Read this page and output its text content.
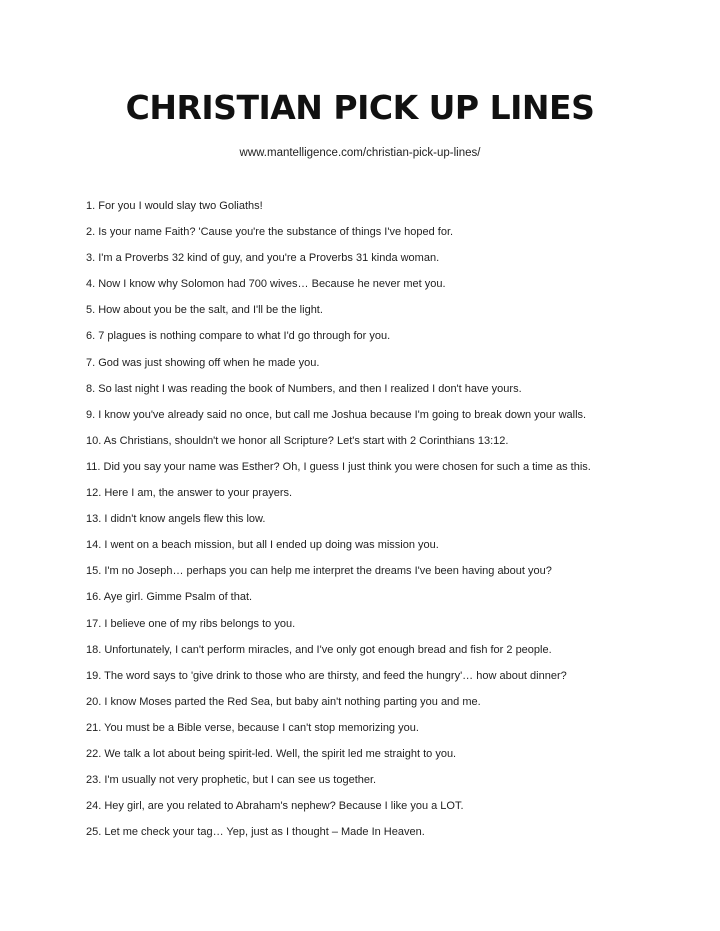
CHRISTIAN PICK UP LINES
www.mantelligence.com/christian-pick-up-lines/
1. For you I would slay two Goliaths!
2. Is your name Faith? 'Cause you're the substance of things I've hoped for.
3. I'm a Proverbs 32 kind of guy, and you're a Proverbs 31 kinda woman.
4. Now I know why Solomon had 700 wives… Because he never met you.
5. How about you be the salt, and I'll be the light.
6. 7 plagues is nothing compare to what I'd go through for you.
7. God was just showing off when he made you.
8. So last night I was reading the book of Numbers, and then I realized I don't have yours.
9. I know you've already said no once, but call me Joshua because I'm going to break down your walls.
10. As Christians, shouldn't we honor all Scripture? Let's start with 2 Corinthians 13:12.
11. Did you say your name was Esther? Oh, I guess I just think you were chosen for such a time as this.
12. Here I am, the answer to your prayers.
13. I didn't know angels flew this low.
14. I went on a beach mission, but all I ended up doing was mission you.
15. I'm no Joseph… perhaps you can help me interpret the dreams I've been having about you?
16. Aye girl. Gimme Psalm of that.
17. I believe one of my ribs belongs to you.
18. Unfortunately, I can't perform miracles, and I've only got enough bread and fish for 2 people.
19. The word says to 'give drink to those who are thirsty, and feed the hungry'… how about dinner?
20. I know Moses parted the Red Sea, but baby ain't nothing parting you and me.
21. You must be a Bible verse, because I can't stop memorizing you.
22. We talk a lot about being spirit-led. Well, the spirit led me straight to you.
23. I'm usually not very prophetic, but I can see us together.
24. Hey girl, are you related to Abraham's nephew? Because I like you a LOT.
25. Let me check your tag… Yep, just as I thought – Made In Heaven.
